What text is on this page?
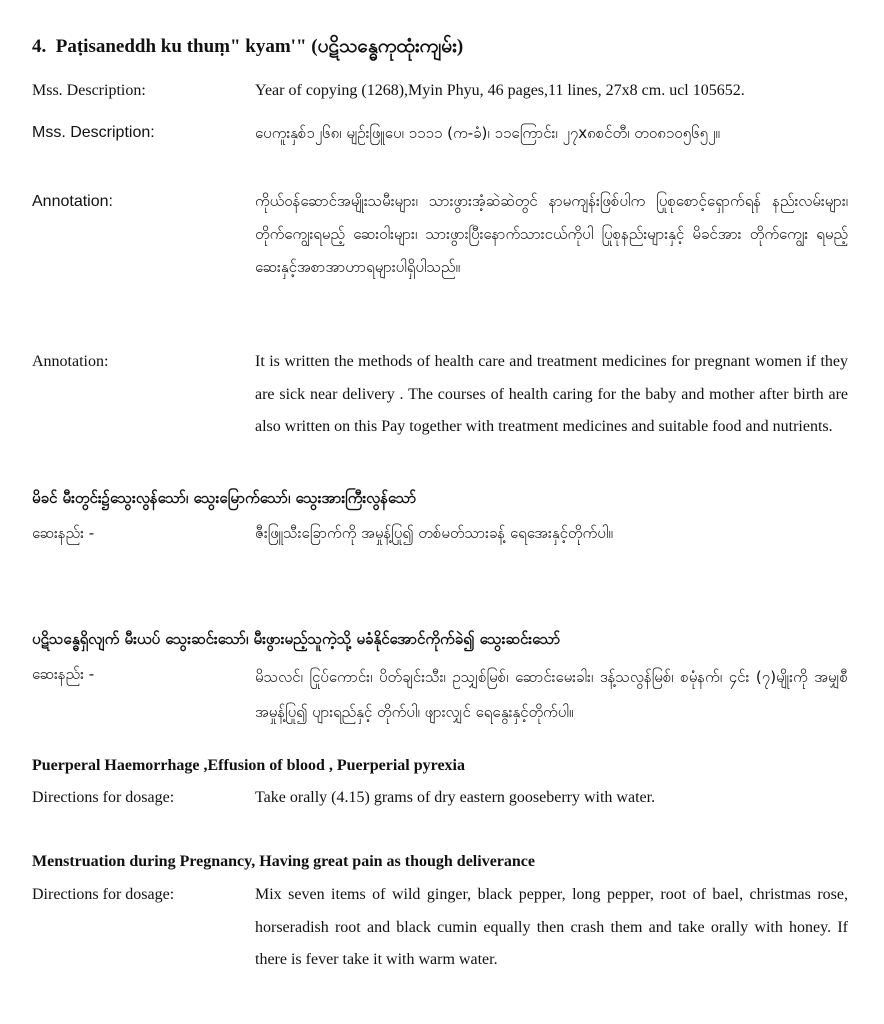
4. Paṭisaneddh ku thuṃ" kyam'" (ပဋိသန္ဓေကုထုံးကျမ်း)
Mss. Description:	Year of copying (1268),Myin Phyu, 46 pages,11 lines, 27x8 cm. ucl 105652.
Mss. Description:	ပေကူးနှစ်၁၂၆၈၊ မျဉ်းဖြူပေ၊ ၁၁၁၁ (က-ခံ)၊ ၁၁ကြောင်း၊ ၂၇x၈စင်တီ၊ တ၀၈၁၀၅၆၅၂။
Annotation:	ကိုယ်ဝန်ဆောင်အမျိုးသမီးများ၊ သားဖွားအံ့ဆဲဆဲတွင် နာမကျန်းဖြစ်ပါက ပြုစုစောင့်ရှောက်ရန် နည်းလမ်းများ၊ တိုက်ကျွေးရမည့် ဆေးဝါးများ၊ သားဖွားပြီးနောက်သားငယ်ကိုပါ ပြုစုနည်းများနှင့် မိခင်အား တိုက်ကျွေး ရမည့် ဆေးနှင့်အစာအာဟာရများပါရှိပါသည်။
Annotation:	It is written the methods of health care and treatment medicines for pregnant women if they are sick near delivery . The courses of health caring for the baby and mother after birth are also written on this Pay together with treatment medicines and suitable food and nutrients.
မိခင် မီးတွင်း၌သွေးလွန်သော်၊ သွေးမြောက်သော်၊ သွေးအားကြီးလွန်သော်
ဆေးနည်း -	ဇီးဖြူသီးခြောက်ကို အမှုန့်ပြု၍ တစ်မတ်သားခန့် ရေအေးနှင့်တိုက်ပါ။
ပဋိသန္ဓေရှိလျက် မီးယပ် သွေးဆင်းသော်၊ မီးဖွားမည့်သူကဲ့သို့ မခံနိုင်အောင်ကိုက်ခဲ၍ သွေးဆင်းသော်
ဆေးနည်း -	မိသလင်၊ ငြုပ်ကောင်း၊ ပိတ်ချင်းသီး၊ ဥသျှစ်မြစ်၊ ဆောင်းမေးခါး၊ ဒန့်သလွန်မြစ်၊ စမုံနက်၊ ၄င်း (၇)မျိုးကို အမျှစီ အမှုန့်ပြု၍ ပျားရည်နှင့် တိုက်ပါ၊ ဖျားလျှင် ရေနွေးနှင့်တိုက်ပါ။
Puerperal Haemorrhage ,Effusion of blood , Puerperial pyrexia
Directions for dosage:	Take orally (4.15) grams of dry eastern gooseberry with water.
Menstruation during Pregnancy, Having great pain as though deliverance
Directions for dosage:	Mix seven items of wild ginger, black pepper, long pepper, root of bael, christmas rose, horseradish root and black cumin equally then crash them and take orally with honey. If there is fever take it with warm water.
